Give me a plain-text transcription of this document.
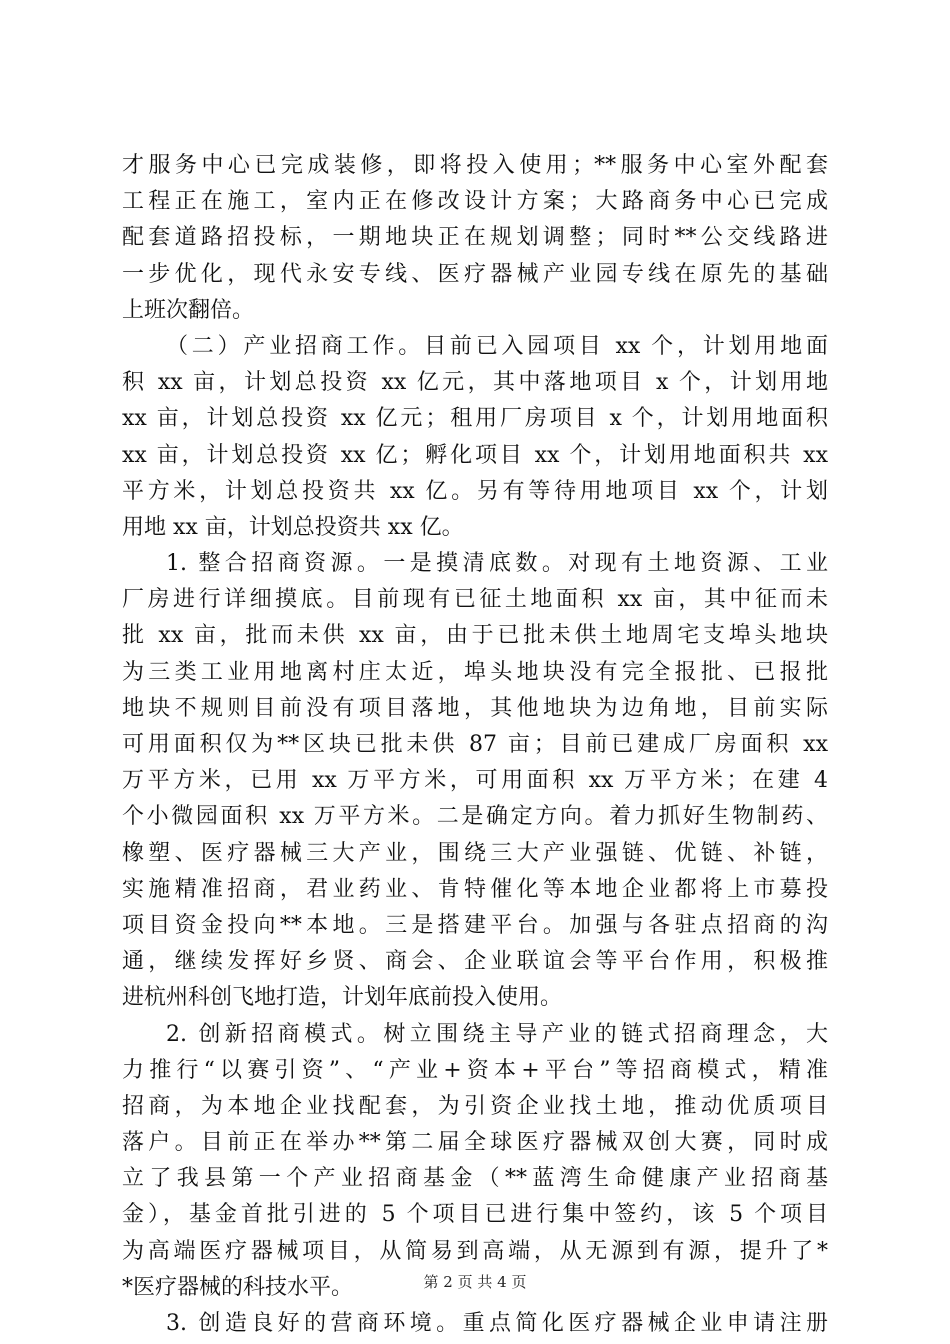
才服务中心已完成装修，即将投入使用；**服务中心室外配套
工程正在施工，室内正在修改设计方案；大路商务中心已完成
配套道路招投标，一期地块正在规划调整；同时**公交线路进
一步优化，现代永安专线、医疗器械产业园专线在原先的基础
上班次翻倍。
（二）产业招商工作。目前已入园项目 xx 个，计划用地面
积 xx 亩，计划总投资 xx 亿元，其中落地项目 x 个，计划用地
xx 亩，计划总投资 xx 亿元；租用厂房项目 x 个，计划用地面积
xx 亩，计划总投资 xx 亿；孵化项目 xx 个，计划用地面积共 xx
平方米，计划总投资共 xx 亿。另有等待用地项目 xx 个，计划
用地 xx 亩，计划总投资共 xx 亿。
1. 整合招商资源。一是摸清底数。对现有土地资源、工业
厂房进行详细摸底。目前现有已征土地面积 xx 亩，其中征而未
批 xx 亩，批而未供 xx 亩，由于已批未供土地周宅支埠头地块
为三类工业用地离村庄太近，埠头地块没有完全报批、已报批
地块不规则目前没有项目落地，其他地块为边角地，目前实际
可用面积仅为**区块已批未供 87 亩；目前已建成厂房面积 xx
万平方米，已用 xx 万平方米，可用面积 xx 万平方米；在建 4
个小微园面积 xx 万平方米。二是确定方向。着力抓好生物制药、
橡塑、医疗器械三大产业，围绕三大产业强链、优链、补链，
实施精准招商，君业药业、肯特催化等本地企业都将上市募投
项目资金投向**本地。三是搭建平台。加强与各驻点招商的沟
通，继续发挥好乡贤、商会、企业联谊会等平台作用，积极推
进杭州科创飞地打造，计划年底前投入使用。
2. 创新招商模式。树立围绕主导产业的链式招商理念，大
力推行“以赛引资”、“产业+资本+平台”等招商模式，精准
招商，为本地企业找配套，为引资企业找土地，推动优质项目
落户。目前正在举办**第二届全球医疗器械双创大赛，同时成
立了我县第一个产业招商基金（**蓝湾生命健康产业招商基
金），基金首批引进的 5 个项目已进行集中签约，该 5 个项目
为高端医疗器械项目，从简易到高端，从无源到有源，提升了*
*医疗器械的科技水平。
3. 创造良好的营商环境。重点简化医疗器械企业申请注册
第 2 页 共 4 页
